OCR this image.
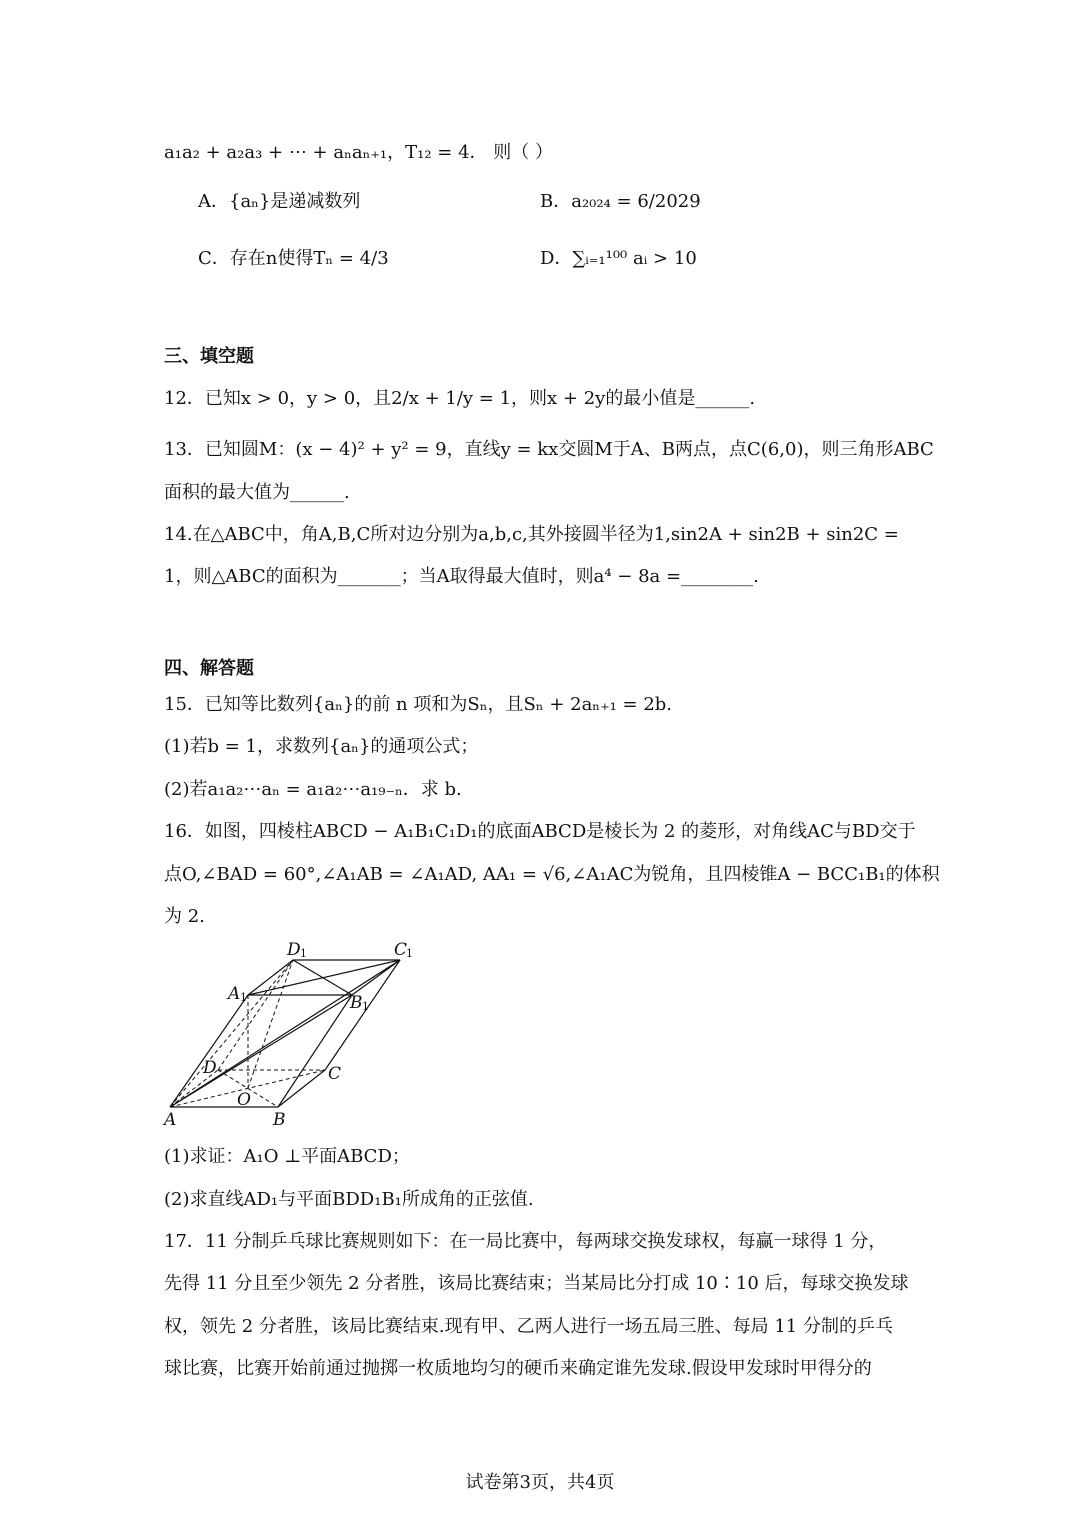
a₁a₂ + a₂a₃ + ⋯ + aₙaₙ₊₁，T₁₂ = 4． 则（ ）
A．{aₙ}是递减数列	B．a₂₀₂₄ = 6/2029
C．存在n使得Tₙ = 4/3	D．∑ᵢ₌₁¹⁰⁰ aᵢ > 10
三、填空题
12．已知x > 0，y > 0，且2/x + 1/y = 1，则x + 2y的最小值是______.
13．已知圆M：(x − 4)² + y² = 9，直线y = kx交圆M于A、B两点，点C(6,0)，则三角形ABC
面积的最大值为______.
14.在△ABC中，角A,B,C所对边分别为a,b,c,其外接圆半径为1,sin2A + sin2B + sin2C =
1，则△ABC的面积为_______；当A取得最大值时，则a⁴ − 8a =________.
四、解答题
15．已知等比数列{aₙ}的前 n 项和为Sₙ，且Sₙ + 2aₙ₊₁ = 2b.
(1)若b = 1，求数列{aₙ}的通项公式；
(2)若a₁a₂⋯aₙ = a₁a₂⋯a₁₉₋ₙ．求 b.
16．如图，四棱柱ABCD − A₁B₁C₁D₁的底面ABCD是棱长为 2 的菱形，对角线AC与BD交于
点O,∠BAD = 60°,∠A₁AB = ∠A₁AD, AA₁ = √6,∠A₁AC为锐角，且四棱锥A − BCC₁B₁的体积
为 2.
D 1	C
1
A 1	B 1
D	C
O
A	B
(1)求证：A₁O ⊥平面ABCD；
(2)求直线AD₁与平面BDD₁B₁所成角的正弦值.
17．11 分制乒乓球比赛规则如下：在一局比赛中，每两球交换发球权，每赢一球得 1 分，
先得 11 分且至少领先 2 分者胜，该局比赛结束；当某局比分打成 10∶10 后，每球交换发球
权，领先 2 分者胜，该局比赛结束.现有甲、乙两人进行一场五局三胜、每局 11 分制的乒乓
球比赛，比赛开始前通过抛掷一枚质地均匀的硬币来确定谁先发球.假设甲发球时甲得分的
试卷第3页，共4页
